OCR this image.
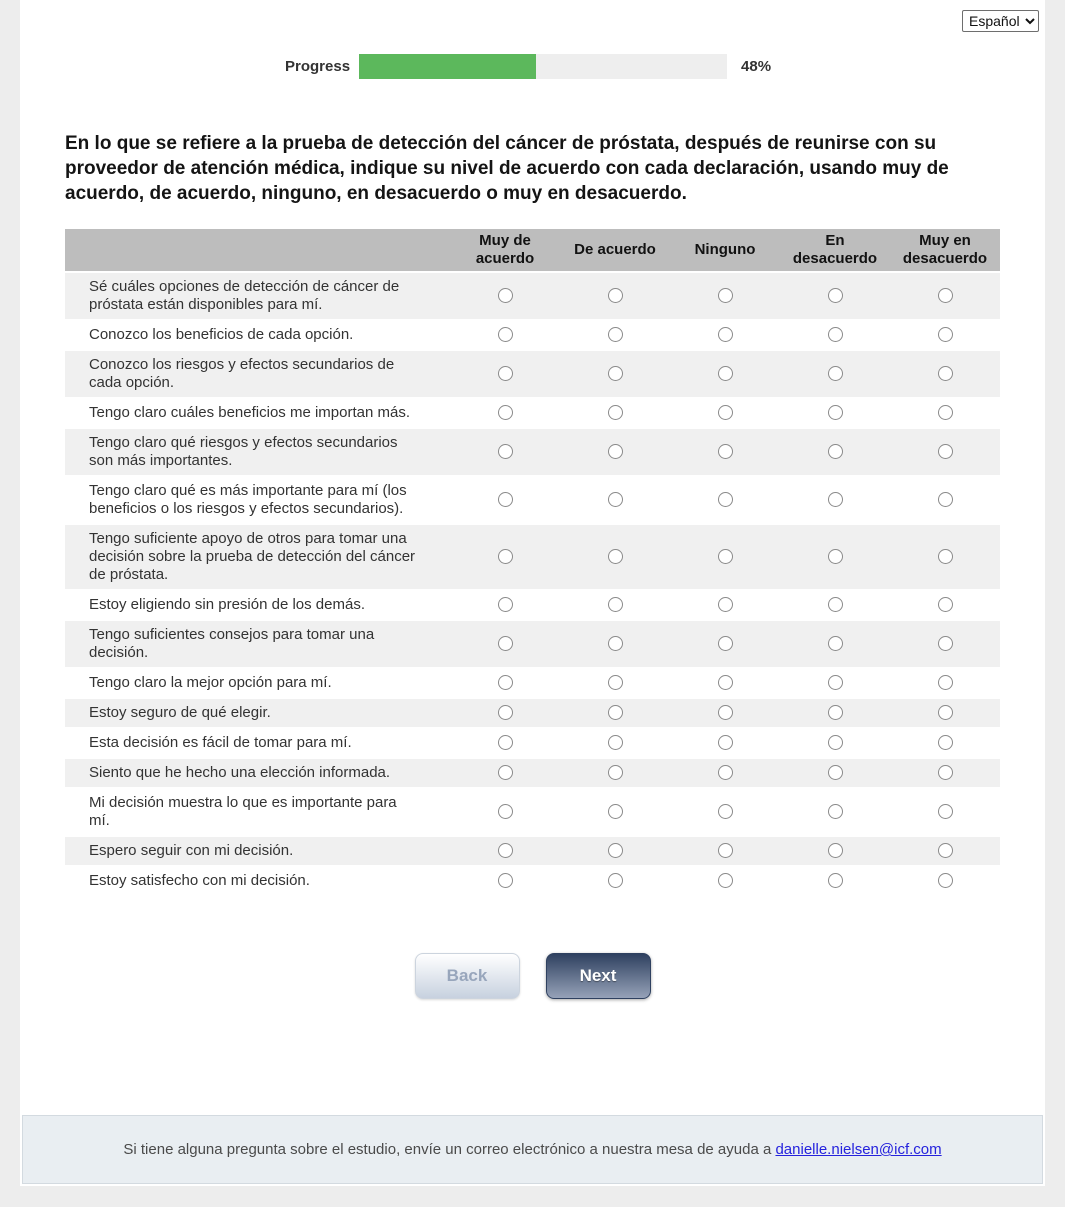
Español
Progress	48%
En lo que se refiere a la prueba de detección del cáncer de próstata, después de reunirse con su proveedor de atención médica, indique su nivel de acuerdo con cada declaración, usando muy de acuerdo, de acuerdo, ninguno, en desacuerdo o muy en desacuerdo.
	Muy de acuerdo	De acuerdo	Ninguno	En desacuerdo	Muy en desacuerdo
Sé cuáles opciones de detección de cáncer de próstata están disponibles para mí.					
Conozco los beneficios de cada opción.					
Conozco los riesgos y efectos secundarios de cada opción.					
Tengo claro cuáles beneficios me importan más.					
Tengo claro qué riesgos y efectos secundarios son más importantes.					
Tengo claro qué es más importante para mí (los beneficios o los riesgos y efectos secundarios).					
Tengo suficiente apoyo de otros para tomar una decisión sobre la prueba de detección del cáncer de próstata.					
Estoy eligiendo sin presión de los demás.					
Tengo suficientes consejos para tomar una decisión.					
Tengo claro la mejor opción para mí.					
Estoy seguro de qué elegir.					
Esta decisión es fácil de tomar para mí.					
Siento que he hecho una elección informada.					
Mi decisión muestra lo que es importante para mí.					
Espero seguir con mi decisión.					
Estoy satisfecho con mi decisión.					
Back	Next
Si tiene alguna pregunta sobre el estudio, envíe un correo electrónico a nuestra mesa de ayuda a danielle.nielsen@icf.com
